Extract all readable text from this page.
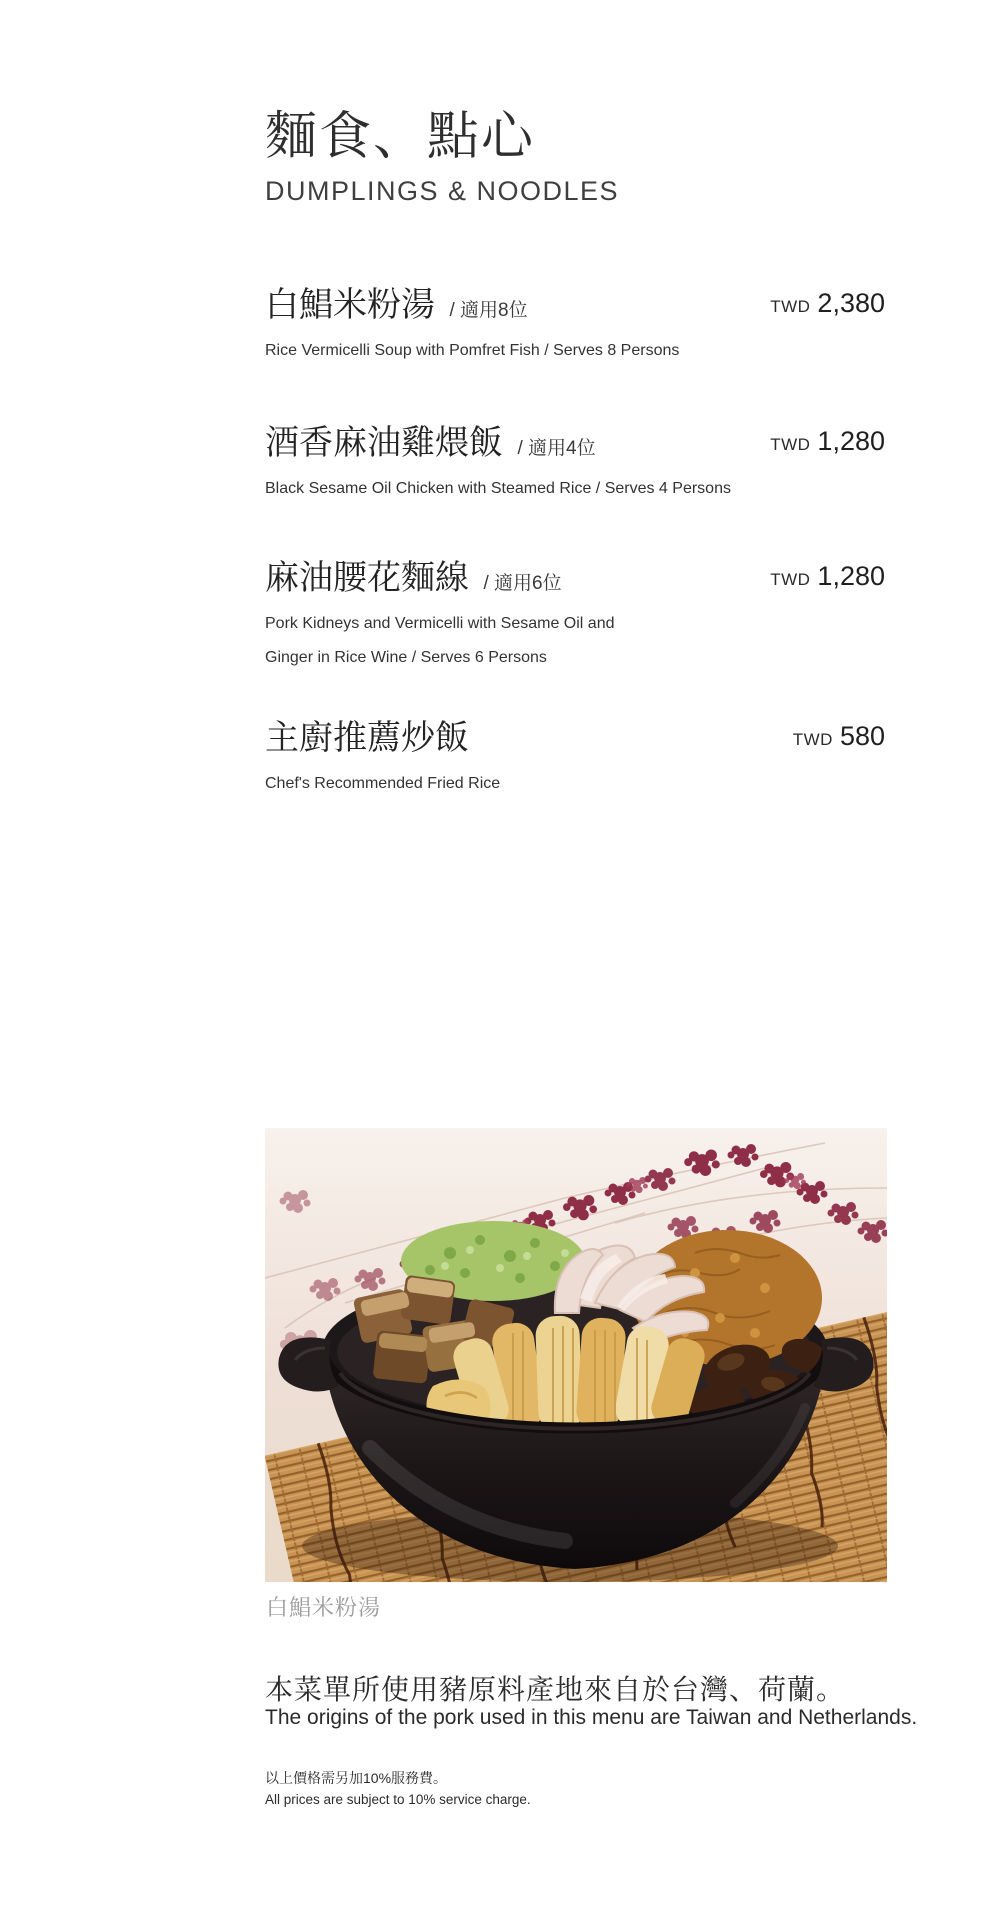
麵食、點心
DUMPLINGS & NOODLES
白鯧米粉湯 / 適用8位	TWD 2,380
Rice Vermicelli Soup with Pomfret Fish / Serves 8 Persons
酒香麻油雞煨飯 / 適用4位	TWD 1,280
Black Sesame Oil Chicken with Steamed Rice / Serves 4 Persons
麻油腰花麵線 / 適用6位	TWD 1,280
Pork Kidneys and Vermicelli with Sesame Oil and
Ginger in Rice Wine / Serves 6 Persons
主廚推薦炒飯	TWD 580
Chef's Recommended Fried Rice
白鯧米粉湯
本菜單所使用豬原料產地來自於台灣、荷蘭。
The origins of the pork used in this menu are Taiwan and Netherlands.
以上價格需另加10%服務費。
All prices are subject to 10% service charge.
